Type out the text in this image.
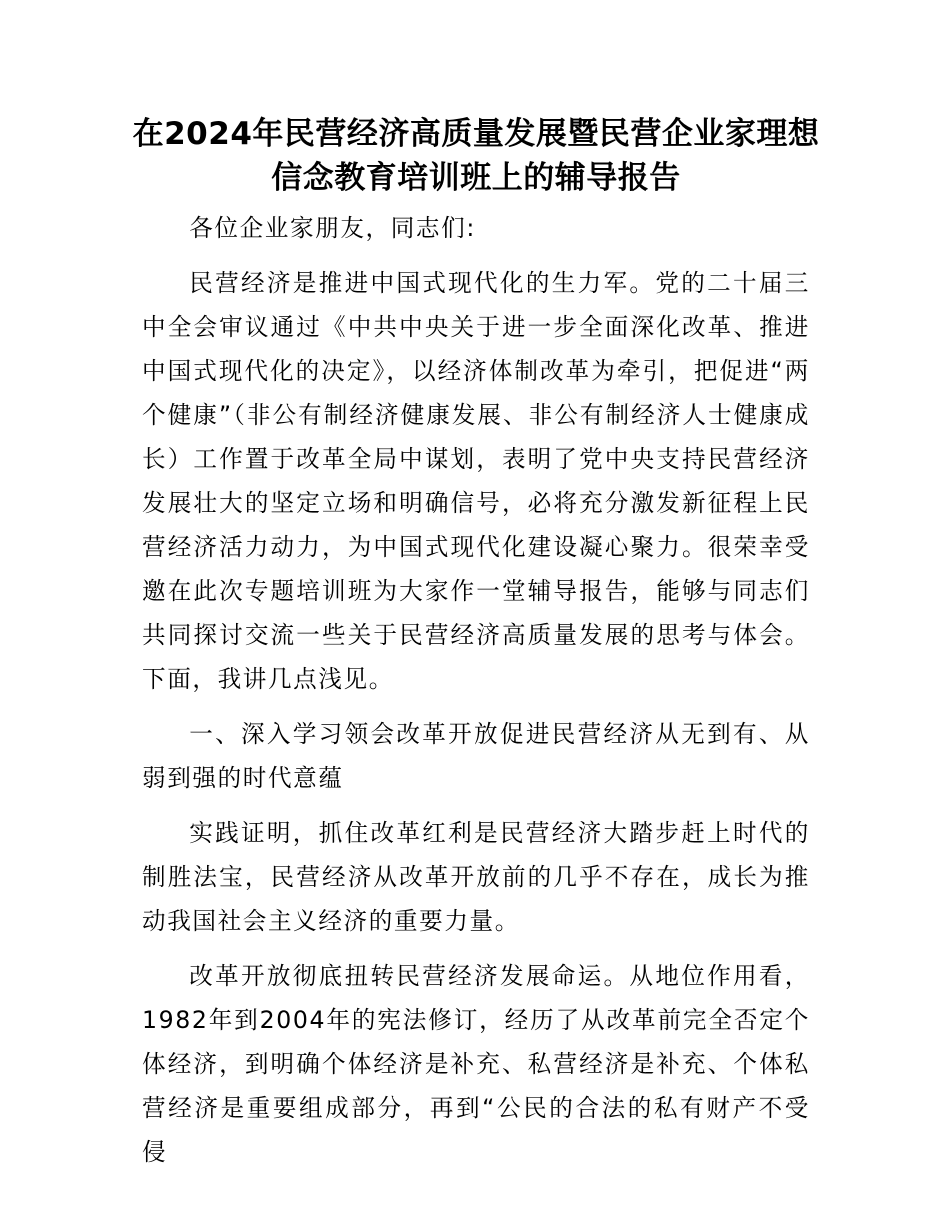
在2024年民营经济高质量发展暨民营企业家理想信念教育培训班上的辅导报告

各位企业家朋友，同志们:

民营经济是推进中国式现代化的生力军。党的二十届三中全会审议通过《中共中央关于进一步全面深化改革、推进中国式现代化的决定》，以经济体制改革为牵引，把促进“两个健康”（非公有制经济健康发展、非公有制经济人士健康成长）工作置于改革全局中谋划，表明了党中央支持民营经济发展壮大的坚定立场和明确信号，必将充分激发新征程上民营经济活力动力，为中国式现代化建设凝心聚力。很荣幸受邀在此次专题培训班为大家作一堂辅导报告，能够与同志们共同探讨交流一些关于民营经济高质量发展的思考与体会。下面，我讲几点浅见。

一、深入学习领会改革开放促进民营经济从无到有、从弱到强的时代意蕴

实践证明，抓住改革红利是民营经济大踏步赶上时代的制胜法宝，民营经济从改革开放前的几乎不存在，成长为推动我国社会主义经济的重要力量。

改革开放彻底扭转民营经济发展命运。从地位作用看，1982年到2004年的宪法修订，经历了从改革前完全否定个体经济，到明确个体经济是补充、私营经济是补充、个体私营经济是重要组成部分，再到“公民的合法的私有财产不受侵
